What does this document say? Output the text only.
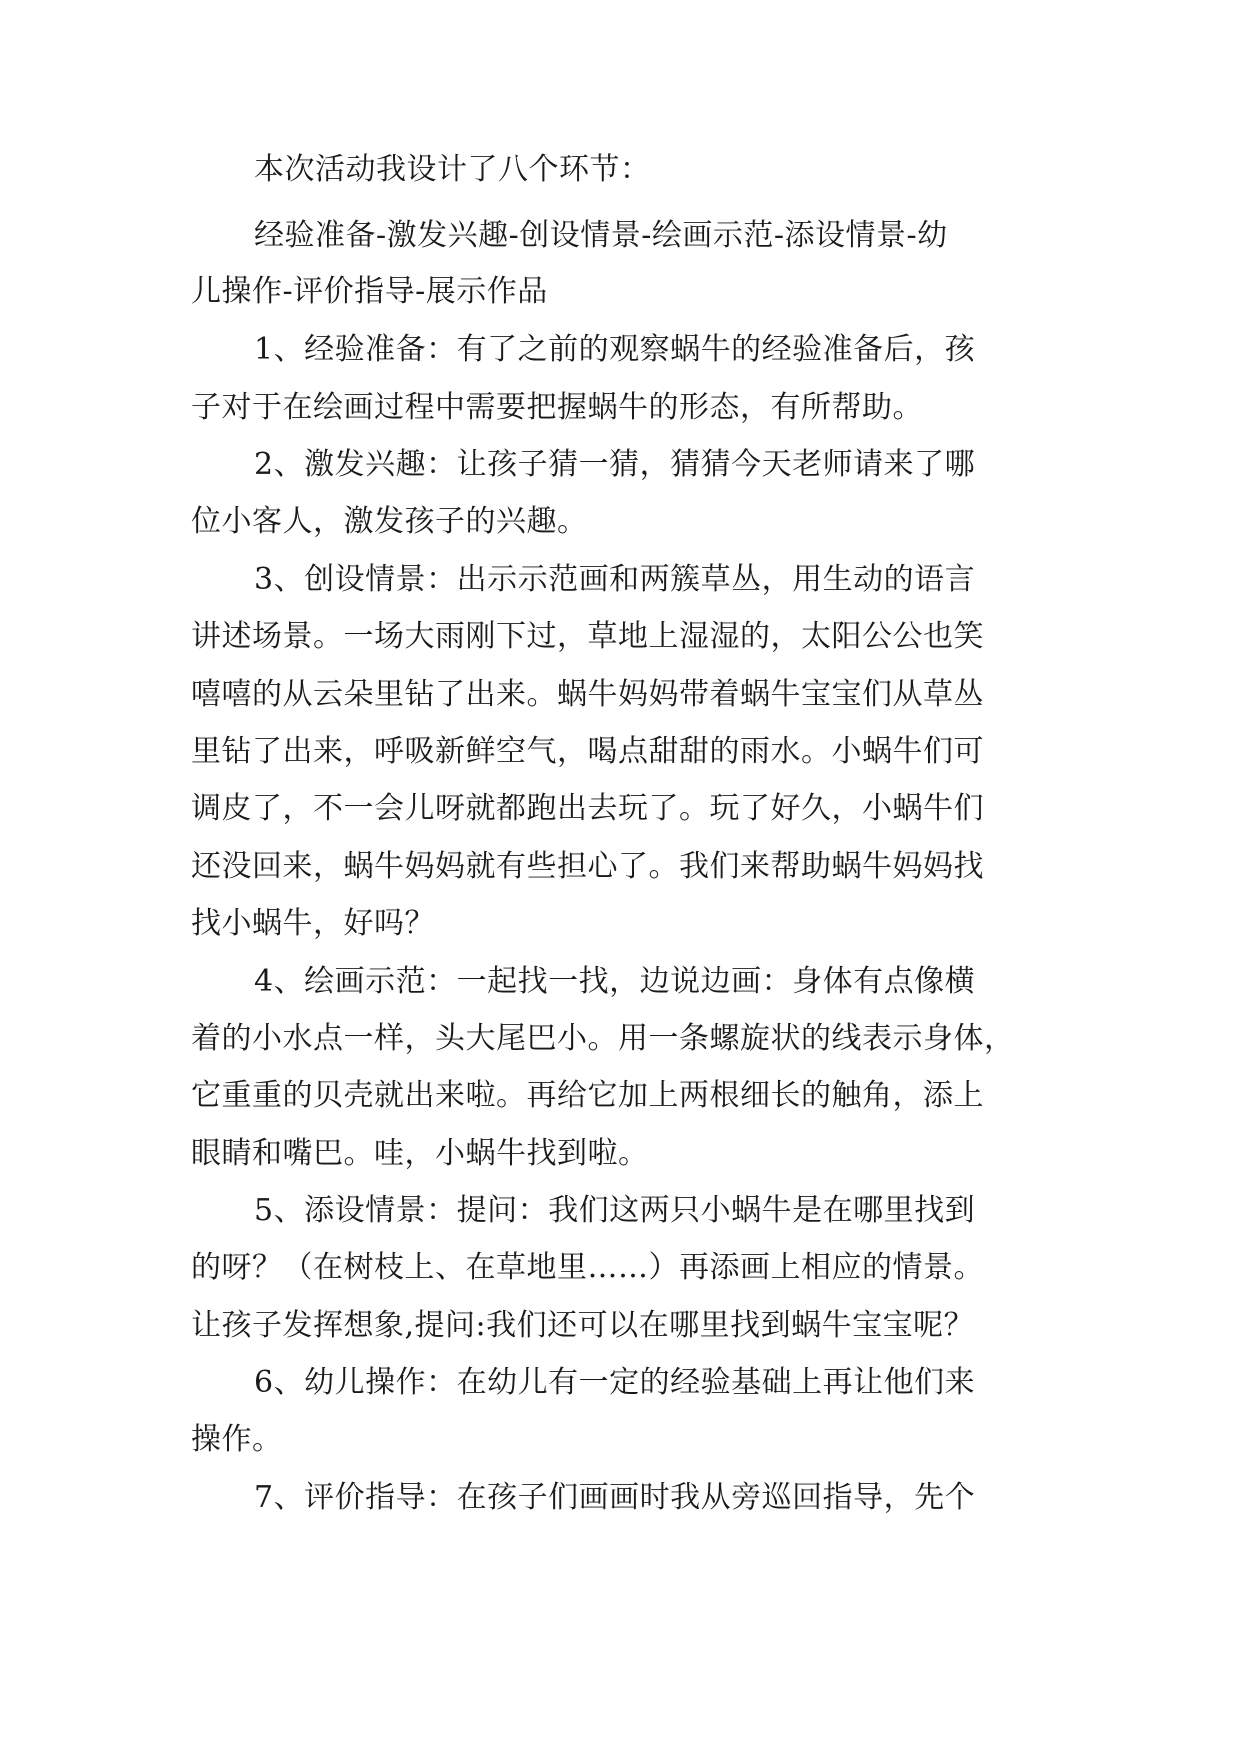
本次活动我设计了八个环节：
经验准备-激发兴趣-创设情景-绘画示范-添设情景-幼
儿操作-评价指导-展示作品
1、经验准备：有了之前的观察蜗牛的经验准备后，孩
子对于在绘画过程中需要把握蜗牛的形态，有所帮助。
2、激发兴趣：让孩子猜一猜，猜猜今天老师请来了哪
位小客人，激发孩子的兴趣。
3、创设情景：出示示范画和两簇草丛，用生动的语言
讲述场景。一场大雨刚下过，草地上湿湿的，太阳公公也笑
嘻嘻的从云朵里钻了出来。蜗牛妈妈带着蜗牛宝宝们从草丛
里钻了出来，呼吸新鲜空气，喝点甜甜的雨水。小蜗牛们可
调皮了，不一会儿呀就都跑出去玩了。玩了好久，小蜗牛们
还没回来，蜗牛妈妈就有些担心了。我们来帮助蜗牛妈妈找
找小蜗牛，好吗？
4、绘画示范：一起找一找，边说边画：身体有点像横
着的小水点一样，头大尾巴小。用一条螺旋状的线表示身体，
它重重的贝壳就出来啦。再给它加上两根细长的触角，添上
眼睛和嘴巴。哇，小蜗牛找到啦。
5、添设情景：提问：我们这两只小蜗牛是在哪里找到
的呀？（在树枝上、在草地里……）再添画上相应的情景。
让孩子发挥想象,提问:我们还可以在哪里找到蜗牛宝宝呢？
6、幼儿操作：在幼儿有一定的经验基础上再让他们来
操作。
7、评价指导：在孩子们画画时我从旁巡回指导，先个
